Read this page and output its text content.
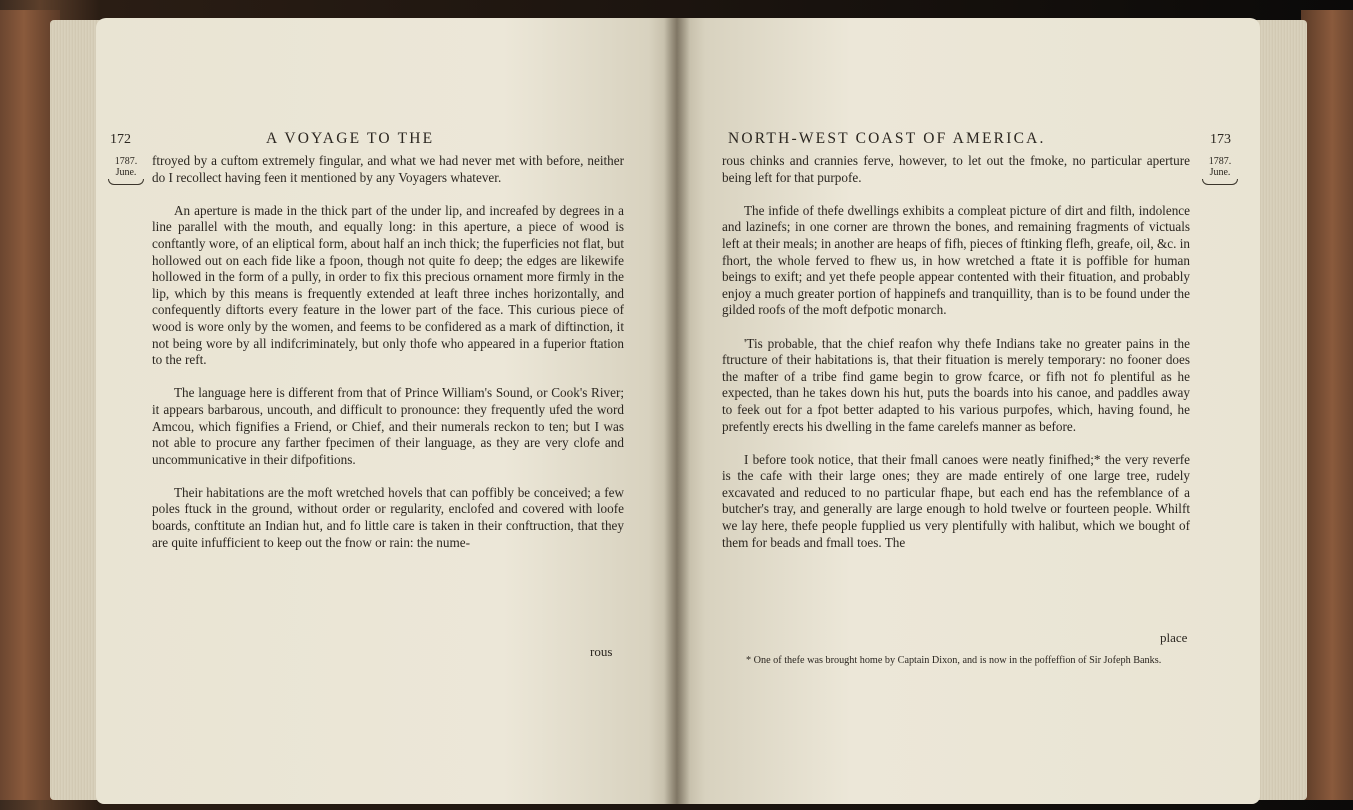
172	A VOYAGE TO THE
1787.
June.

ftroyed by a cuftom extremely fingular, and what we had never met with before, neither do I recollect having feen it mentioned by any Voyagers whatever.

An aperture is made in the thick part of the under lip, and increafed by degrees in a line parallel with the mouth, and equally long: in this aperture, a piece of wood is conftantly wore, of an eliptical form, about half an inch thick; the fuperficies not flat, but hollowed out on each fide like a fpoon, though not quite fo deep; the edges are likewife hollowed in the form of a pully, in order to fix this precious ornament more firmly in the lip, which by this means is frequently extended at leaft three inches horizontally, and confequently diftorts every feature in the lower part of the face. This curious piece of wood is wore only by the women, and feems to be confidered as a mark of diftinction, it not being wore by all indifcriminately, but only thofe who appeared in a fuperior ftation to the reft.

The language here is different from that of Prince William's Sound, or Cook's River; it appears barbarous, uncouth, and difficult to pronounce: they frequently ufed the word Amcou, which fignifies a Friend, or Chief, and their numerals reckon to ten; but I was not able to procure any farther fpecimen of their language, as they are very clofe and uncommunicative in their difpofitions.

Their habitations are the moft wretched hovels that can poffibly be conceived; a few poles ftuck in the ground, without order or regularity, enclofed and covered with loofe boards, conftitute an Indian hut, and fo little care is taken in their conftruction, that they are quite infufficient to keep out the fnow or rain: the nume-

rous
NORTH-WEST COAST OF AMERICA.	173
1787.
June.

rous chinks and crannies ferve, however, to let out the fmoke, no particular aperture being left for that purpofe.

The infide of thefe dwellings exhibits a compleat picture of dirt and filth, indolence and lazinefs; in one corner are thrown the bones, and remaining fragments of victuals left at their meals; in another are heaps of fifh, pieces of ftinking flefh, greafe, oil, &c. in fhort, the whole ferved to fhew us, in how wretched a ftate it is poffible for human beings to exift; and yet thefe people appear contented with their fituation, and probably enjoy a much greater portion of happinefs and tranquillity, than is to be found under the gilded roofs of the moft defpotic monarch.

'Tis probable, that the chief reafon why thefe Indians take no greater pains in the ftructure of their habitations is, that their fituation is merely temporary: no fooner does the mafter of a tribe find game begin to grow fcarce, or fifh not fo plentiful as he expected, than he takes down his hut, puts the boards into his canoe, and paddles away to feek out for a fpot better adapted to his various purpofes, which, having found, he prefently erects his dwelling in the fame carelefs manner as before.

I before took notice, that their fmall canoes were neatly finifhed;* the very reverfe is the cafe with their large ones; they are made entirely of one large tree, rudely excavated and reduced to no particular fhape, but each end has the refemblance of a butcher's tray, and generally are large enough to hold twelve or fourteen people. Whilft we lay here, thefe people fupplied us very plentifully with halibut, which we bought of them for beads and fmall toes. The

place
* One of thefe was brought home by Captain Dixon, and is now in the poffeffion of Sir Jofeph Banks.
